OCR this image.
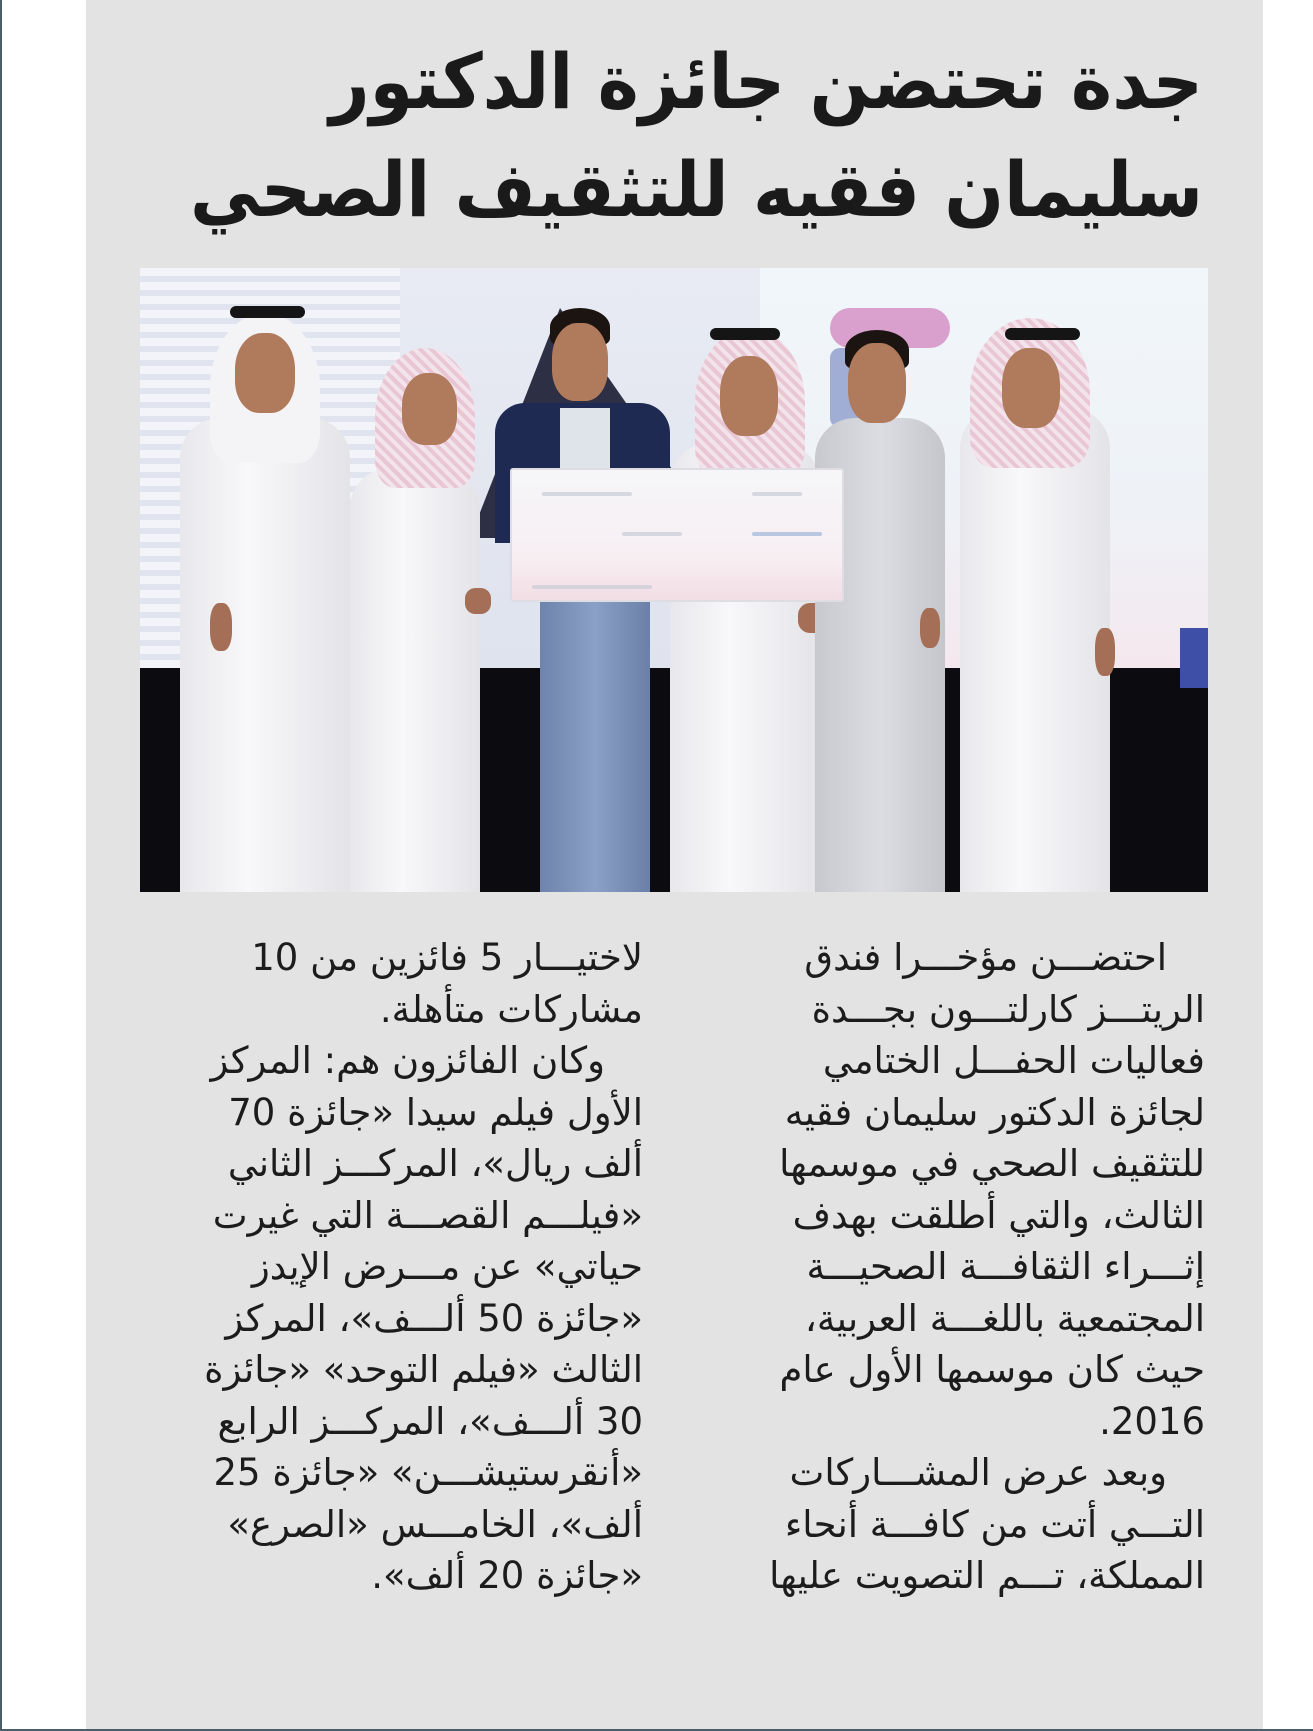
جدة تحتضن جائزة الدكتور
سليمان فقيه للتثقيف الصحي
احتضـــن مؤخـــرا فندق
الريتـــز كارلتـــون بجـــدة
فعاليات الحفـــل الختامي
لجائزة الدكتور سليمان فقيه
للتثقيف الصحي في موسمها
الثالث، والتي أطلقت بهدف
إثـــراء الثقافـــة الصحيـــة
المجتمعية باللغـــة العربية،
حيث كان موسمها الأول عام
2016.
وبعد عرض المشـــاركات
التـــي أتت من كافـــة أنحاء
المملكة، تـــم التصويت عليها
لاختيـــار 5 فائزين من 10
مشاركات متأهلة.
وكان الفائزون هم: المركز
الأول فيلم سيدا «جائزة 70
ألف ريال»، المركـــز الثاني
«فيلـــم القصـــة التي غيرت
حياتي» عن مـــرض الإيدز
«جائزة 50 ألـــف»، المركز
الثالث «فيلم التوحد» «جائزة
30 ألـــف»، المركـــز الرابع
«أنقرستيشـــن» «جائزة 25
ألف»، الخامـــس «الصرع»
«جائزة 20 ألف».
